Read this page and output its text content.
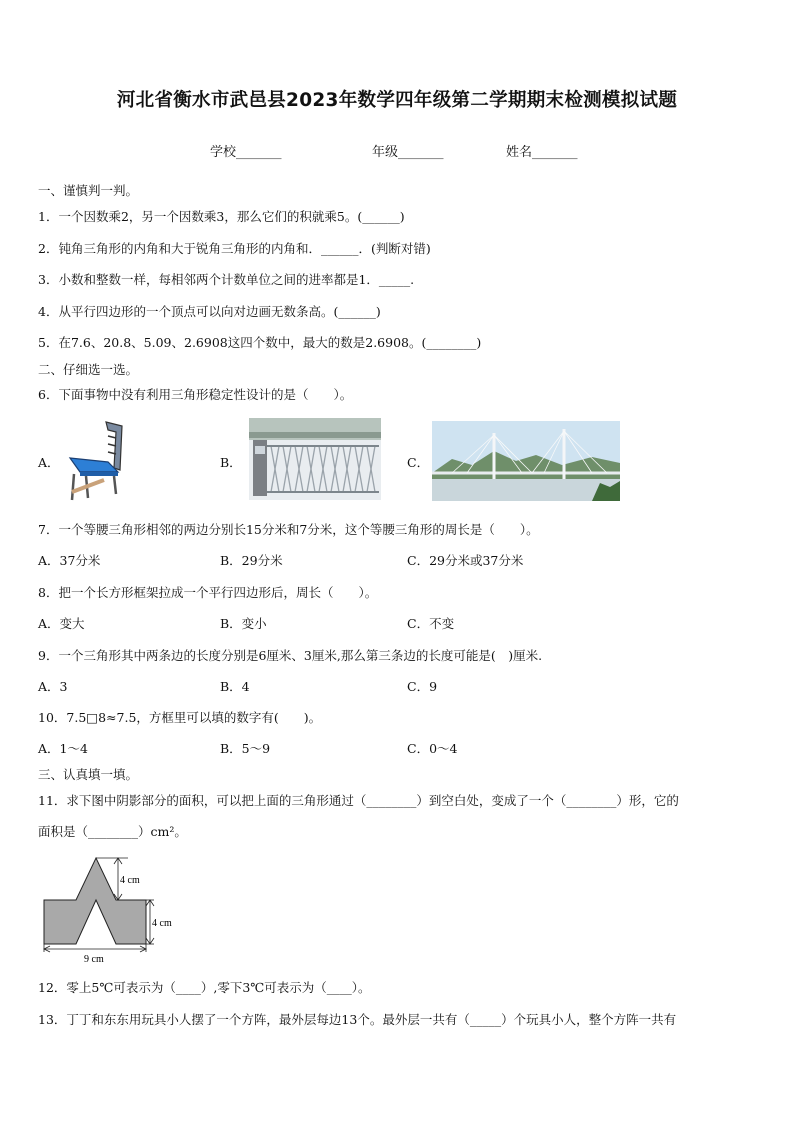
河北省衡水市武邑县2023年数学四年级第二学期期末检测模拟试题
学校_______	年级_______	姓名_______
一、谨慎判一判。
1．一个因数乘2，另一个因数乘3，那么它们的积就乘5。(______)
2．钝角三角形的内角和大于锐角三角形的内角和．______．(判断对错)
3．小数和整数一样，每相邻两个计数单位之间的进率都是1．_____.
4．从平行四边形的一个顶点可以向对边画无数条高。(______)
5．在7.6、20.8、5.09、2.6908这四个数中，最大的数是2.6908。(________)
二、仔细选一选。
6．下面事物中没有利用三角形稳定性设计的是（　　）。
A．	B．	C．
7．一个等腰三角形相邻的两边分别长15分米和7分米，这个等腰三角形的周长是（　　）。
A．37分米	B．29分米	C．29分米或37分米
8．把一个长方形框架拉成一个平行四边形后，周长（　　）。
A．变大	B．变小	C．不变
9．一个三角形其中两条边的长度分别是6厘米、3厘米,那么第三条边的长度可能是(　)厘米.
A．3	B．4	C．9
10．7.5□8≈7.5，方框里可以填的数字有(　　)。
A．1～4	B．5～9	C．0～4
三、认真填一填。
11．求下图中阴影部分的面积，可以把上面的三角形通过（________）到空白处，变成了一个（________）形，它的
面积是（________）cm²。
4 cm
4 cm
9 cm
12．零上5℃可表示为（____）,零下3℃可表示为（____）。
13．丁丁和东东用玩具小人摆了一个方阵，最外层每边13个。最外层一共有（_____）个玩具小人，整个方阵一共有
